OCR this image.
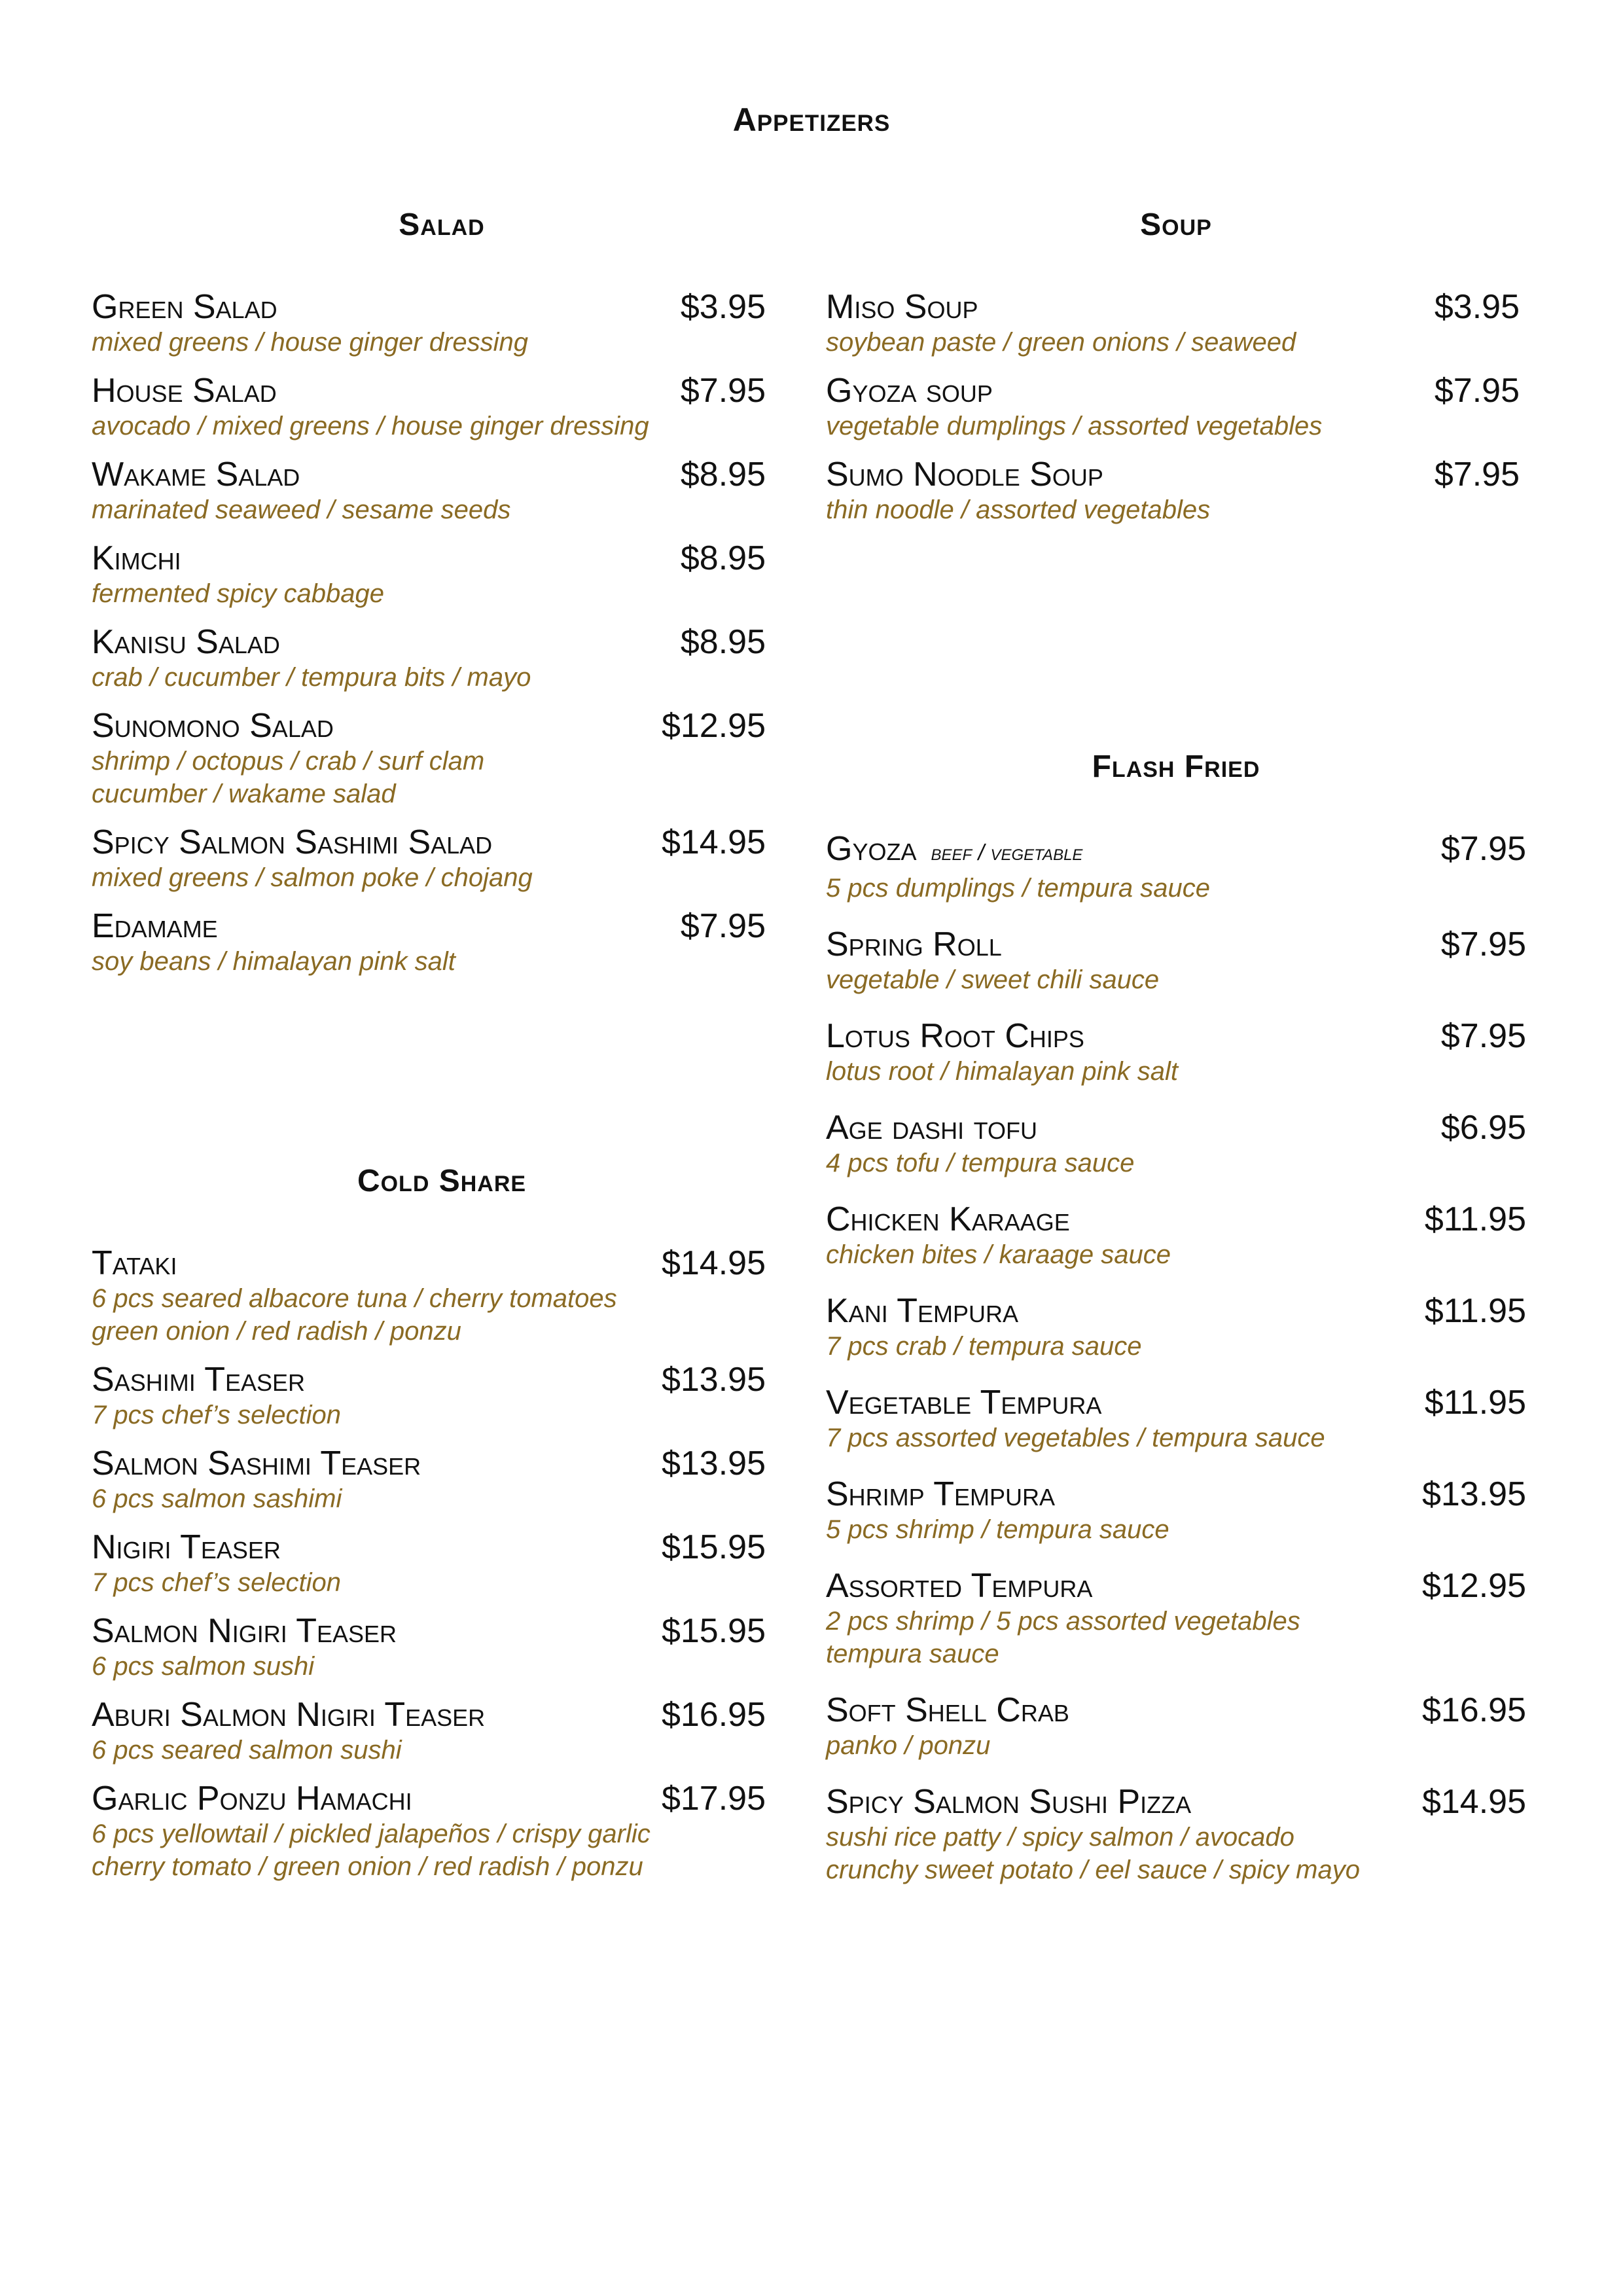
Appetizers
Salad
Green Salad	$3.95
mixed greens / house ginger dressing
House Salad	$7.95
avocado / mixed greens / house ginger dressing
Wakame Salad	$8.95
marinated seaweed / sesame seeds
Kimchi	$8.95
fermented spicy cabbage
Kanisu Salad	$8.95
crab / cucumber / tempura bits / mayo
Sunomono Salad	$12.95
shrimp / octopus / crab / surf clam
cucumber / wakame salad
Spicy Salmon Sashimi Salad	$14.95
mixed greens / salmon poke / chojang
Edamame	$7.95
soy beans / himalayan pink salt
Soup
Miso Soup	$3.95
soybean paste / green onions / seaweed
Gyoza soup	$7.95
vegetable dumplings / assorted vegetables
Sumo Noodle Soup	$7.95
thin noodle / assorted vegetables
Cold Share
Tataki	$14.95
6 pcs seared albacore tuna / cherry tomatoes
green onion / red radish / ponzu
Sashimi Teaser	$13.95
7 pcs chef’s selection
Salmon Sashimi Teaser	$13.95
6 pcs salmon sashimi
Nigiri Teaser	$15.95
7 pcs chef’s selection
Salmon Nigiri Teaser	$15.95
6 pcs salmon sushi
Aburi Salmon Nigiri Teaser	$16.95
6 pcs seared salmon sushi
Garlic Ponzu Hamachi	$17.95
6 pcs yellowtail / pickled jalapeños / crispy garlic
cherry tomato / green onion / red radish / ponzu
Flash Fried
Gyoza beef / vegetable	$7.95
5 pcs dumplings / tempura sauce
Spring Roll	$7.95
vegetable / sweet chili sauce
Lotus Root Chips	$7.95
lotus root / himalayan pink salt
Age dashi tofu	$6.95
4 pcs tofu / tempura sauce
Chicken Karaage	$11.95
chicken bites / karaage sauce
Kani Tempura	$11.95
7 pcs crab / tempura sauce
Vegetable Tempura	$11.95
7 pcs assorted vegetables / tempura sauce
Shrimp Tempura	$13.95
5 pcs shrimp / tempura sauce
Assorted Tempura	$12.95
2 pcs shrimp / 5 pcs assorted vegetables
tempura sauce
Soft Shell Crab	$16.95
panko / ponzu
Spicy Salmon Sushi Pizza	$14.95
sushi rice patty / spicy salmon / avocado
crunchy sweet potato / eel sauce / spicy mayo
